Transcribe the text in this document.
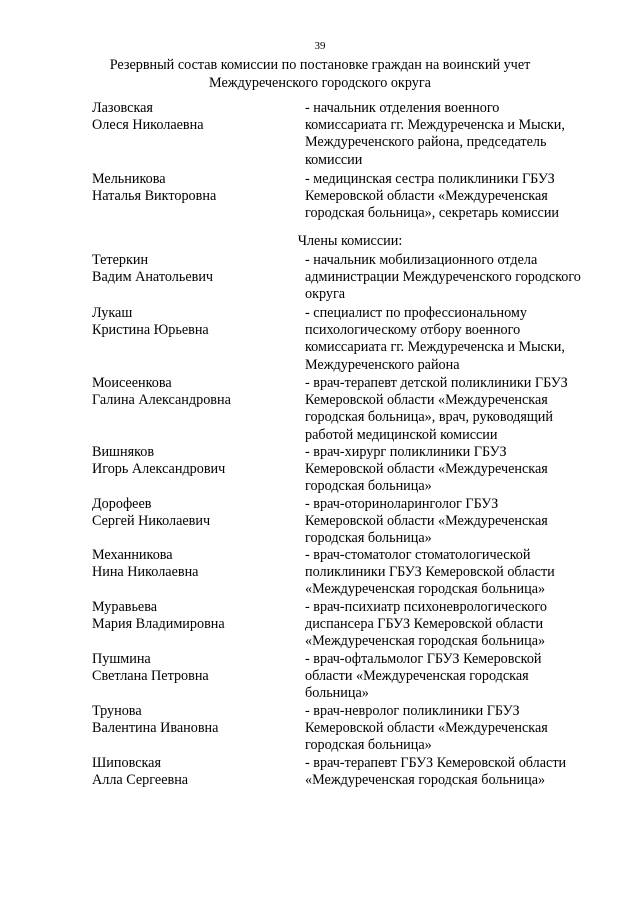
39
Резервный состав комиссии по постановке граждан на воинский учет
Междуреченского городского округа
Члены комиссии:
Лазовская
Олеся Николаевна
- начальник отделения военного
комиссариата гг. Междуреченска и Мыски,
Междуреченского района, председатель
комиссии
Мельникова
Наталья Викторовна
- медицинская сестра поликлиники ГБУЗ
Кемеровской области «Междуреченская
городская больница», секретарь комиссии
Тетеркин
Вадим Анатольевич
- начальник мобилизационного отдела
администрации Междуреченского городского
округа
Лукаш
Кристина Юрьевна
- специалист по профессиональному
психологическому отбору военного
комиссариата гг. Междуреченска и Мыски,
Междуреченского района
Моисеенкова
Галина Александровна
- врач-терапевт детской поликлиники ГБУЗ
Кемеровской области «Междуреченская
городская больница», врач, руководящий
работой медицинской комиссии
Вишняков
Игорь Александрович
- врач-хирург поликлиники ГБУЗ
Кемеровской области «Междуреченская
городская больница»
Дорофеев
Сергей Николаевич
- врач-оториноларинголог ГБУЗ
Кемеровской области «Междуреченская
городская больница»
Механникова
Нина Николаевна
- врач-стоматолог стоматологической
поликлиники ГБУЗ Кемеровской области
«Междуреченская городская больница»
Муравьева
Мария Владимировна
- врач-психиатр психоневрологического
диспансера ГБУЗ Кемеровской области
«Междуреченская городская больница»
Пушмина
Светлана Петровна
- врач-офтальмолог ГБУЗ Кемеровской
области «Междуреченская городская
больница»
Трунова
Валентина Ивановна
- врач-невролог поликлиники ГБУЗ
Кемеровской области «Междуреченская
городская больница»
Шиповская
Алла Сергеевна
- врач-терапевт ГБУЗ Кемеровской области
«Междуреченская городская больница»
